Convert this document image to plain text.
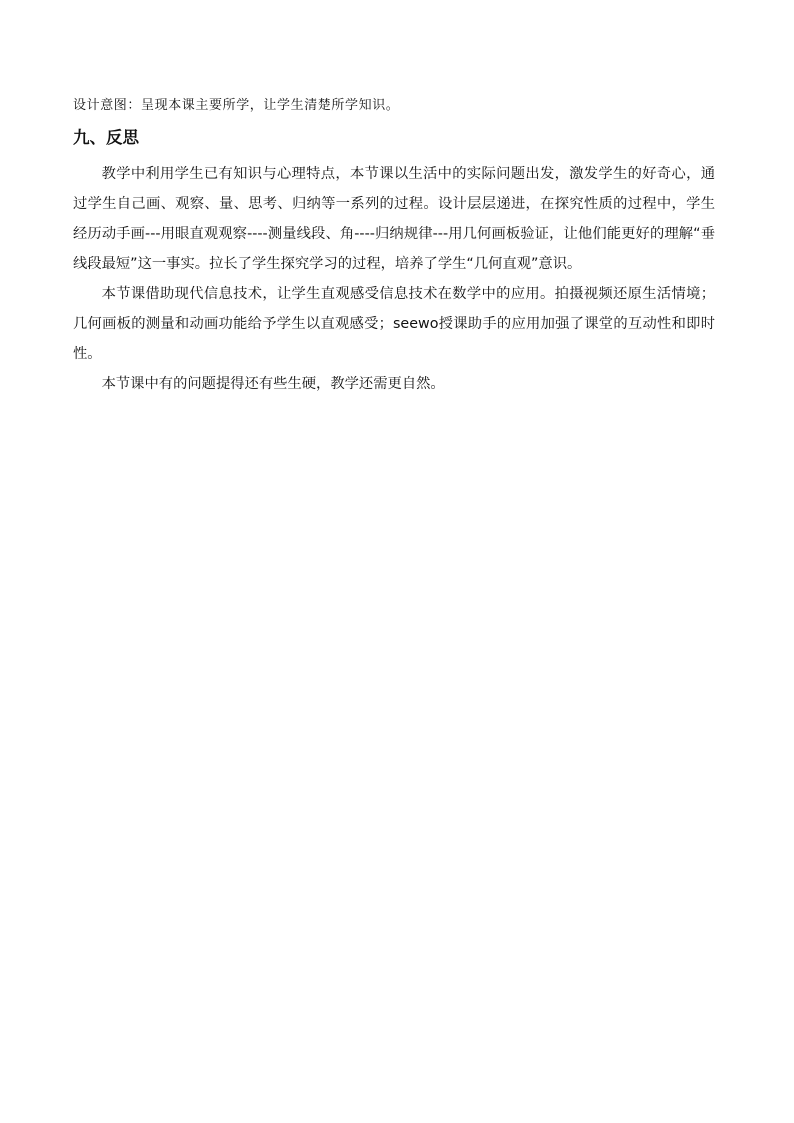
设计意图：呈现本课主要所学，让学生清楚所学知识。
九、反思

教学中利用学生已有知识与心理特点，本节课以生活中的实际问题出发，激发学生的好奇心，通过学生自己画、观察、量、思考、归纳等一系列的过程。设计层层递进，在探究性质的过程中，学生经历动手画---用眼直观观察----测量线段、角----归纳规律---用几何画板验证，让他们能更好的理解“垂线段最短”这一事实。拉长了学生探究学习的过程，培养了学生“几何直观”意识。

本节课借助现代信息技术，让学生直观感受信息技术在数学中的应用。拍摄视频还原生活情境；几何画板的测量和动画功能给予学生以直观感受；seewo授课助手的应用加强了课堂的互动性和即时性。

本节课中有的问题提得还有些生硬，教学还需更自然。
